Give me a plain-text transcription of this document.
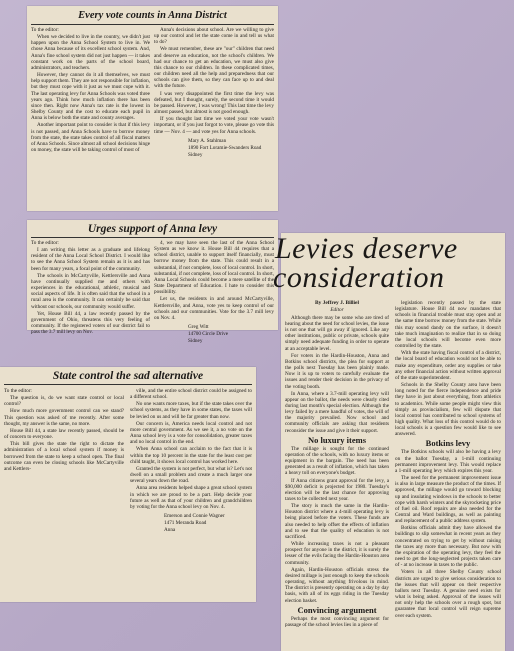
Every vote counts in Anna District

To the editor:

When we decided to live in the country, we didn't just happen upon the Anna School System to live in. We chose Anna because of its excellent school system. And, Anna's fine school system did not just happen — it takes constant work on the parts of the school board, administrators, and teachers.

However, they cannot do it all themselves, we must help support them. They are not responsible for inflation, but they must cope with it just as we must cope with it. The last operating levy for Anna Schools was voted three years ago. Think how much inflation there has been since then. Right now Anna's tax rate is the lowest in Shelby County and the cost to educate each pupil in Anna is below both the state and county averages.

Another important point to consider is that if this levy is not passed, and Anna Schools have to borrow money from the state, the state takes control of all fiscal matters of Anna Schools. Since almost all school decisions hinge on money, the state will be taking control of most of

Anna's decisions about school. Are we willing to give up our control and let the state come in and tell us what to do?

We must remember, these are "our" children that need and deserve an education, not the school's children. We had our chance to get an education, we must also give this chance to our children. In these complicated times, our children need all the help and preparedness that our schools can give them, so they can face up to and deal with the future.

I was very disappointed the first time the levy was defeated, but I thought, surely, the second time it would be passed. However, I was wrong! This last time the levy almost passed, but almost is not good enough.

If you thought last time we voted your vote wasn't important, or if you just forgot to vote, please go vote this time — Nov. 4 — and vote yes for Anna schools.

Mary A. Stahlman

1890 Fort Loramie-Swanders Road

Sidney

Urges support of Anna levy

To the editor:

I am writing this letter as a graduate and lifelong resident of the Anna Local School District. I would like to see the Anna School System remain as it is and has been for many years, a focal point of the community.

The schools in McCartyville, Kettlersville and Anna have continually supplied me and others with experiences in the educational, athletic, musical and social aspects of life. It is often said that the school in a rural area is the community. It can certainly be said that without our schools, our community would suffer.

Yet, House Bill 44, a law recently passed by the government of Ohio, threatens this very feeling of community. If the registered voters of our district fail to pass the 3.7 mill levy on Nov.

4, we may have seen the last of the Anna School System as we know it. House Bill 44 requires that a school district, unable to support itself financially, must borrow money from the state. This could result in a substantial, if not complete, loss of local control. In short, substantial, if not complete, loss of local control. In short, Anna Local Schools could become a mere satellite of the State Department of Education. I hate to consider this possibility.

Let us, the residents in and around McCartyville, Kettlersville, and Anna, vote yes to keep control of our schools and our communities. Vote for the 3.7 mill levy on Nov. 4.

Greg Witt

14700 Circle Drive

Sidney

State control the sad alternative

To the editor:

The question is, do we want state control or local control?

How much more government control can we stand? This question was asked of me recently. After some thought, my answer is the same, no more.

House Bill 44, a state law recently passed, should be of concern to everyone.

This bill gives the state the right to dictate the administration of a local school system if money is borrowed from the state to keep a school open. The final outcome can even be closing schools like McCartyville and Kettlers-

ville, and the entire school district could be assigned to a different school.

No one wants more taxes, but if the state takes over the school systems, as they have in some states, the taxes will be levied on us and will be far greater than now.

Our concern is, America needs local control and not more central government. As we see it, a no vote on the Anna school levy is a vote for consolidation, greater taxes and no local control in the end.

When Anna school can acclaim to the fact that it is within the top 10 percent in the state for the least cost per child taught, it shows local control has worked here.

Granted the system is not perfect, but what is? Let's not dwell on a small problem and create a much larger one several years down the road.

Anna area residents helped shape a great school system in which we are proud to be a part. Help decide your future as well as that of your children and grandchildren by voting for the Anna school levy on Nov. 4.

Emerson and Connie Wagner

1471 Meranda Road

Anna

Levies deserve
consideration

By Jeffrey J. Billiel

Editor

Although there may be some who are tired of hearing about the need for school levies, the issue is not one that will go away if ignored. Like any other institutions, public or private, schools quite simply need adequate funding in order to operate at an acceptable level.

For voters in the Hardin-Houston, Anna and Botkins school districts, the plea for support at the polls next Tuesday has been plainly made. Now it is up to voters to carefully evaluate the issues and render their decision in the privacy of the voting booth.

In Anna, where a 3.7-mill operating levy will appear on the ballot, the needs were clearly cited during last month's special election. Although the levy failed by a mere handful of votes, the will of the majority prevailed. Now school and community officials are asking that residents reconsider the issue and give it their support.

No luxury items

The millage is sought for the continued operation of the schools, with no luxury items or equipment in the bargain. The need has been generated as a result of inflation, which has taken a heavy toll on everyone's budget.

If Anna citizens grant approval for the levy, a $90,000 deficit is projected for 1980. Tuesday's election will be the last chance for approving taxes to be collected next year.

The story is much the same in the Hardin-Houston district where a 4-mill operating levy is being placed before the voters. These funds are also needed to help offset the effects of inflation and to see that the quality of education is not sacrificed.

While increasing taxes is not a pleasant prospect for anyone in the district, it is surely the lesser of the evils facing the Hardin-Houston area community.

Again, Hardin-Houston officials stress the desired millage is just enough to keep the schools operating, without anything frivolous in mind. The district is presently operating on a day by day basis, with all of its eggs riding in the Tuesday election basket.

Convincing argument

Perhaps the most convincing argument for passage of the school levies lies in a piece of

legislation recently passed by the state legislature. House Bill 44 now mandates that schools in financial trouble must stay open and at the same time borrow money from the state. While this may sound dandy on the surface, it doesn't take much imagination to realize that in so doing the local schools will become even more controlled by the state.

With the state having fiscal control of a district, the local board of education would not be able to make any expenditure, order any supplies or take any other financial action without written approval of the state superintendent.

Schools in the Shelby County area have been long noted for the fierce independence and pride they have in just about everything, from athletics to academics. While some people might view this simply as provincialism, few will dispute that local control has contributed to school systems of high quality. What loss of this control would do to local schools is a question few would like to see answered.

Botkins levy

The Botkins schools will also be having a levy on the ballot Tuesday, a 1-mill continuing permanent improvement levy. This would replace a 1-mill operating levy which expires this year.

The need for the permanent improvement issue is also in large measure the product of the times. If approved, the millage would go toward blocking up and insulating windows in the schools to better cope with harsh winters and the skyrocketing price of fuel oil. Roof repairs are also needed for the Central and Ward buildings, as well as painting and replacement of a public address system.

Botkins officials admit they have allowed the buildings to slip somewhat in recent years as they concentrated on trying to get by without raising the taxes any more than necessary. But now with the expiration of the operating levy, they feel the need to get the long-neglected projects taken care of - at no increase in taxes to the public.

Voters in all three Shelby County school districts are urged to give serious consideration to the issues that will appear on their respective ballots next Tuesday. A genuine need exists for what is being asked. Approval of the issues will not only help the schools over a rough spot, but guarantee that local control will reign supreme over each system.
